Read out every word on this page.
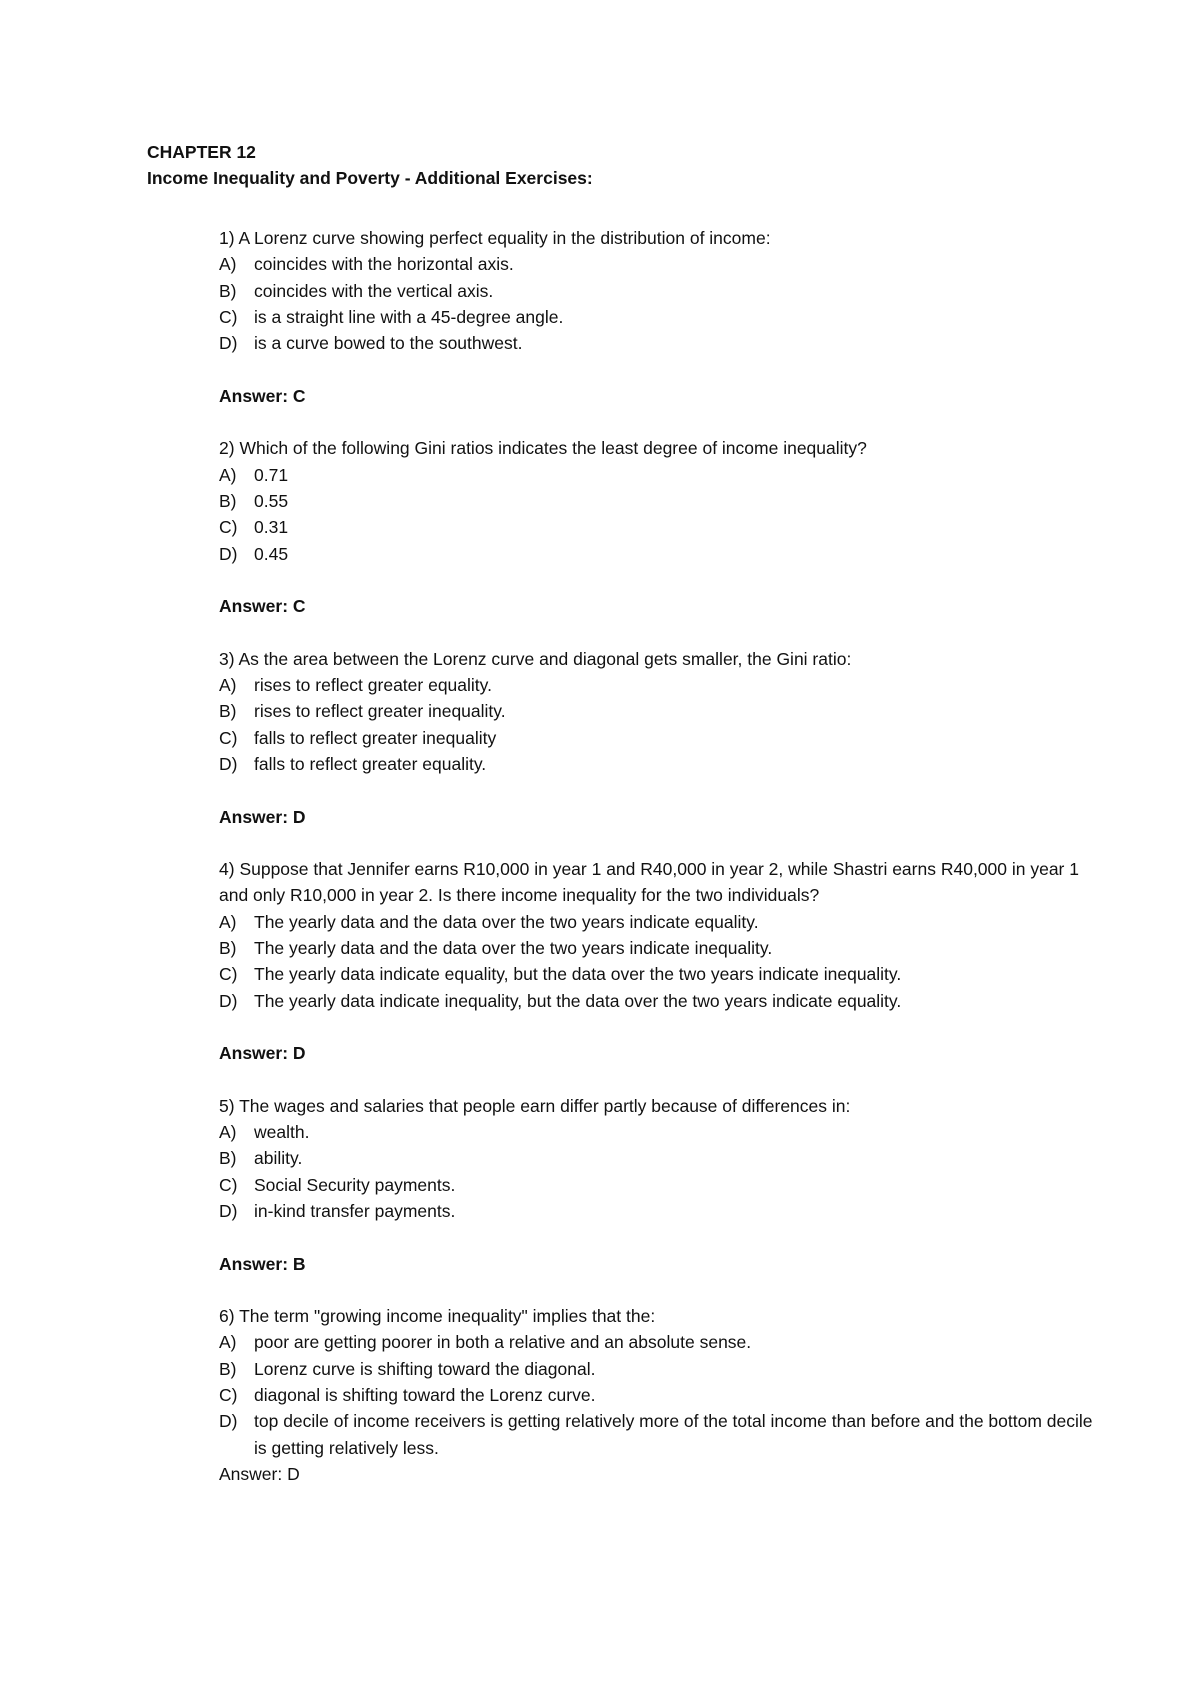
CHAPTER 12
Income Inequality and Poverty - Additional Exercises:

1) A Lorenz curve showing perfect equality in the distribution of income:

A)	coincides with the horizontal axis.
B)	coincides with the vertical axis.
C) is a straight line with a 45-degree angle.
D) is a curve bowed to the southwest.

Answer: C

2) Which of the following Gini ratios indicates the least degree of income inequality?

A)	0.71
B)	0.55
C) 0.31
D) 0.45

Answer: C

3) As the area between the Lorenz curve and diagonal gets smaller, the Gini ratio:

A)	rises to reflect greater equality.
B)	rises to reflect greater inequality.
C) falls to reflect greater inequality
D) falls to reflect greater equality.

Answer: D

4) Suppose that Jennifer earns R10,000 in year 1 and R40,000 in year 2, while Shastri earns R40,000 in year 1 and only R10,000 in year 2. Is there income inequality for the two individuals?

A)	The yearly data and the data over the two years indicate equality.
B)	The yearly data and the data over the two years indicate inequality.
C) The yearly data indicate equality, but the data over the two years indicate inequality.
D) The yearly data indicate inequality, but the data over the two years indicate equality.

Answer: D

5) The wages and salaries that people earn differ partly because of differences in:

A)	wealth.
B)	ability.
C) Social Security payments.
D) in-kind transfer payments.

Answer: B

6) The term "growing income inequality" implies that the:

A)	poor are getting poorer in both a relative and an absolute sense.
B)	Lorenz curve is shifting toward the diagonal.
C) diagonal is shifting toward the Lorenz curve.
D) top decile of income receivers is getting relatively more of the total income than before and the bottom decile is getting relatively less.

Answer: D
